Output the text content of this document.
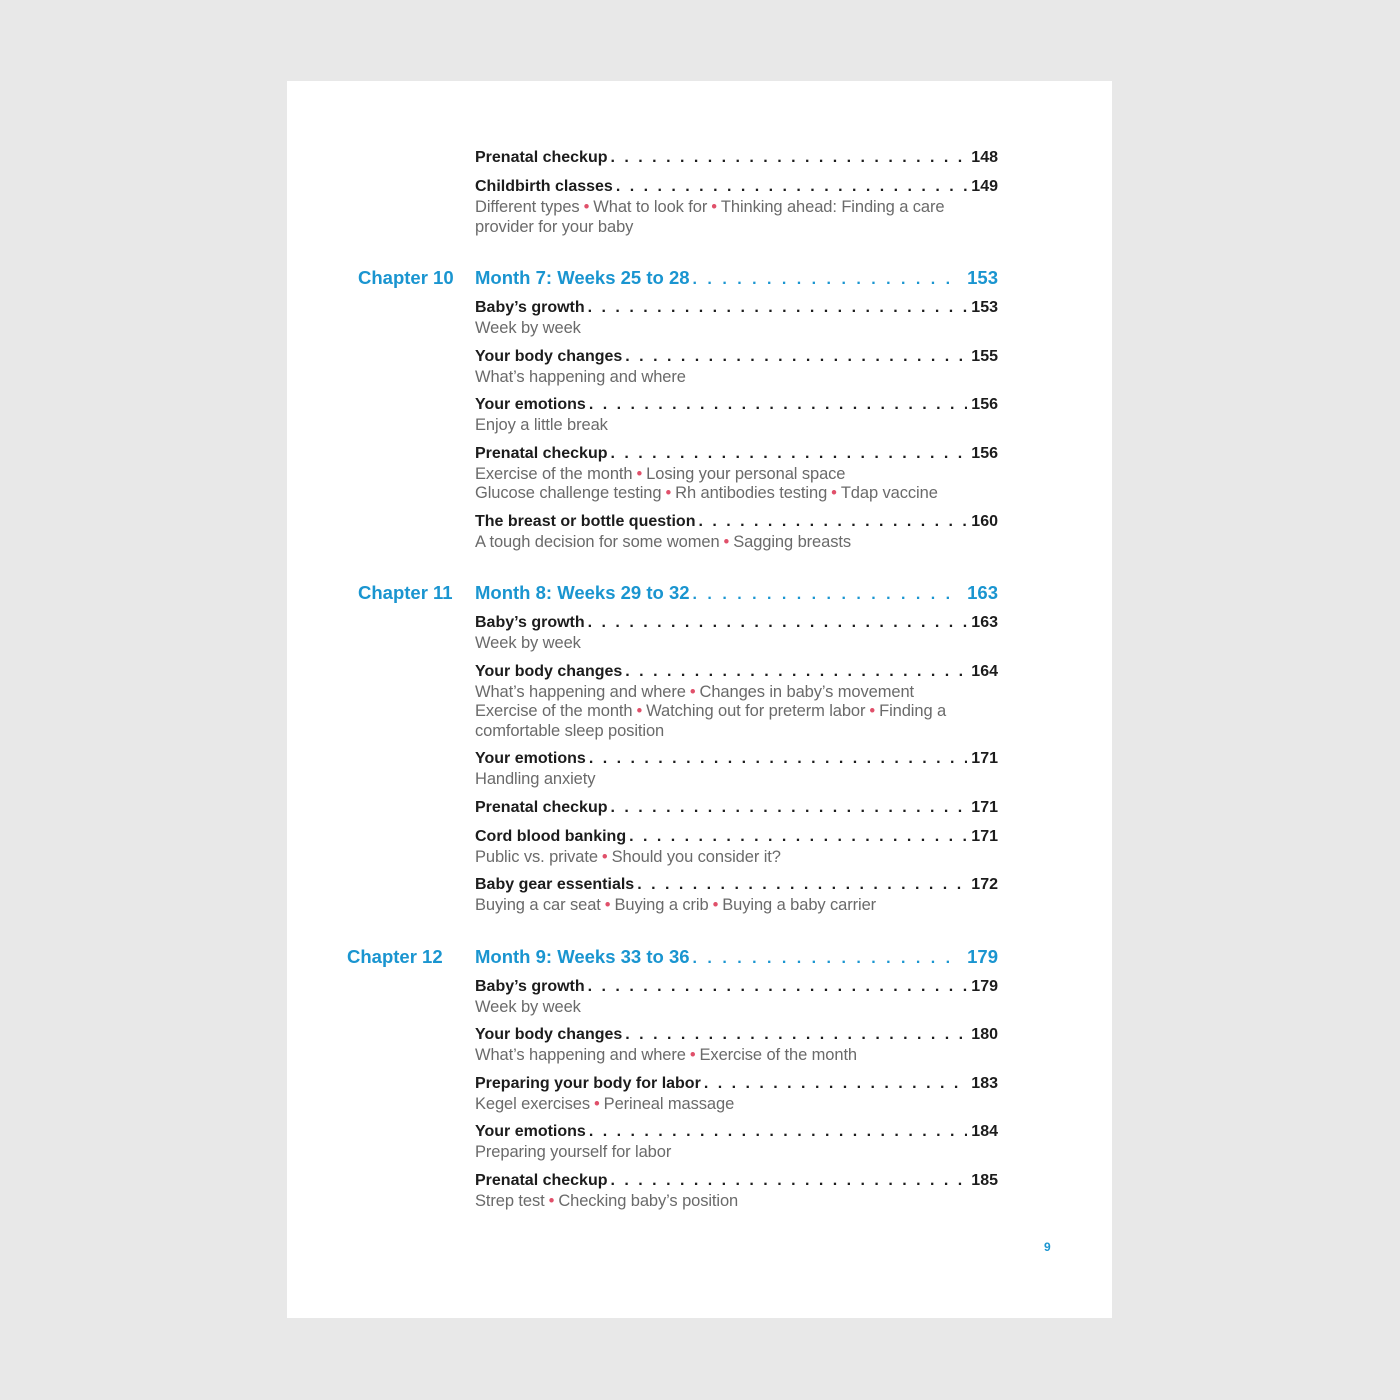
Prenatal checkup . . .	148
Childbirth classes . . .	149
Different types • What to look for • Thinking ahead: Finding a care provider for your baby
Chapter 10 Month 7: Weeks 25 to 28 . . .	153
Baby’s growth . . .	153
Week by week
Your body changes . . .	155
What’s happening and where
Your emotions . . .	156
Enjoy a little break
Prenatal checkup . . .	156
Exercise of the month • Losing your personal space
Glucose challenge testing • Rh antibodies testing • Tdap vaccine
The breast or bottle question . . .	160
A tough decision for some women • Sagging breasts
Chapter 11 Month 8: Weeks 29 to 32 . . .	163
Baby’s growth . . .	163
Week by week
Your body changes . . .	164
What’s happening and where • Changes in baby’s movement
Exercise of the month • Watching out for preterm labor • Finding a comfortable sleep position
Your emotions . . .	171
Handling anxiety
Prenatal checkup . . .	171
Cord blood banking . . .	171
Public vs. private • Should you consider it?
Baby gear essentials . . .	172
Buying a car seat • Buying a crib • Buying a baby carrier
Chapter 12 Month 9: Weeks 33 to 36 . . .	179
Baby’s growth . . .	179
Week by week
Your body changes . . .	180
What’s happening and where • Exercise of the month
Preparing your body for labor . . .	183
Kegel exercises • Perineal massage
Your emotions . . .	184
Preparing yourself for labor
Prenatal checkup . . .	185
Strep test • Checking baby’s position
9
